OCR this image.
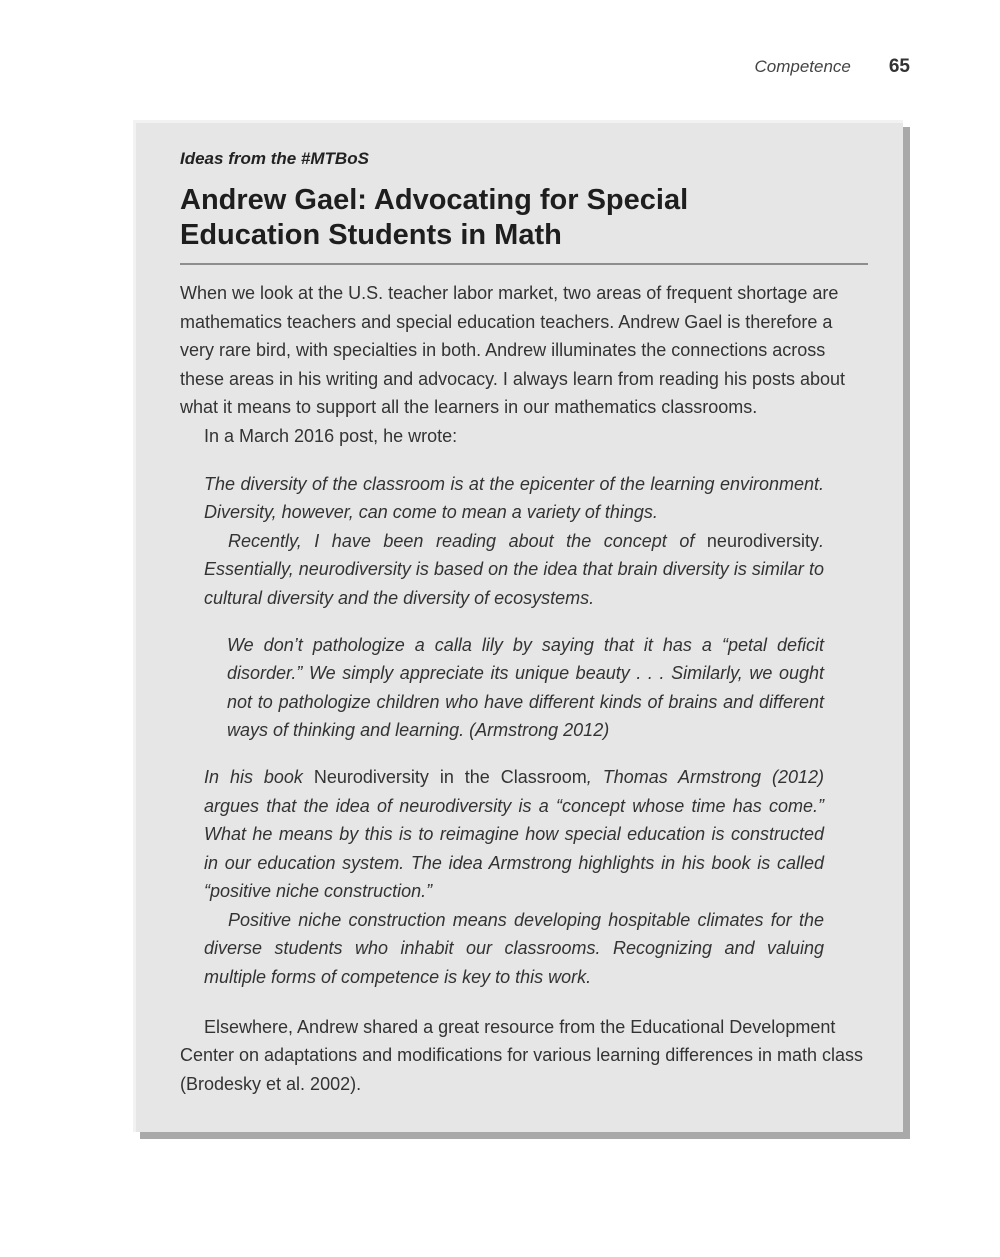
Competence 65
Ideas from the #MTBoS
Andrew Gael: Advocating for Special
Education Students in Math

When we look at the U.S. teacher labor market, two areas of frequent shortage are mathematics teachers and special education teachers. Andrew Gael is therefore a very rare bird, with specialties in both. Andrew illuminates the connections across these areas in his writing and advocacy. I always learn from reading his posts about what it means to support all the learners in our mathematics classrooms.

In a March 2016 post, he wrote:

The diversity of the classroom is at the epicenter of the learning environment. Diversity, however, can come to mean a variety of things.

Recently, I have been reading about the concept of neurodiversity. Essentially, neurodiversity is based on the idea that brain diversity is similar to cultural diversity and the diversity of ecosystems.

We don’t pathologize a calla lily by saying that it has a “petal deficit disorder.” We simply appreciate its unique beauty . . . Similarly, we ought not to pathologize children who have different kinds of brains and different ways of thinking and learning. (Armstrong 2012)

In his book Neurodiversity in the Classroom, Thomas Armstrong (2012) argues that the idea of neurodiversity is a “concept whose time has come.” What he means by this is to reimagine how special education is constructed in our education system. The idea Armstrong highlights in his book is called “positive niche construction.”

Positive niche construction means developing hospitable climates for the diverse students who inhabit our classrooms. Recognizing and valuing multiple forms of competence is key to this work.

Elsewhere, Andrew shared a great resource from the Educational Development Center on adaptations and modifications for various learning differences in math class (Brodesky et al. 2002).
